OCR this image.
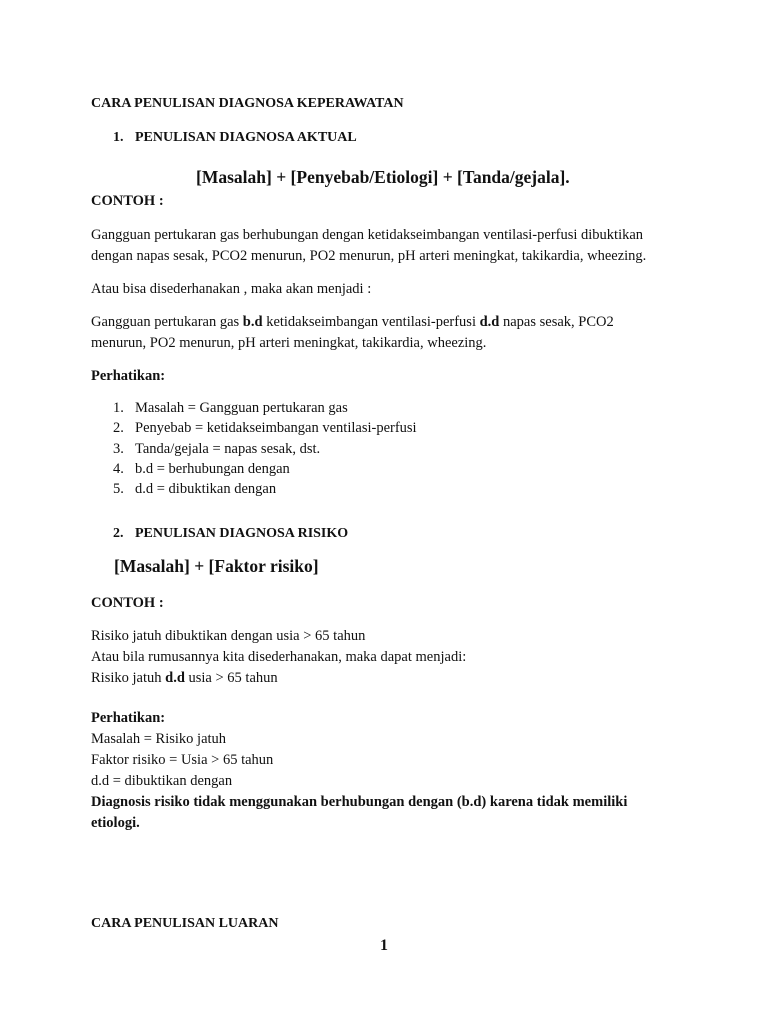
CARA PENULISAN DIAGNOSA KEPERAWATAN
1. PENULISAN DIAGNOSA AKTUAL
[Masalah] + [Penyebab/Etiologi] + [Tanda/gejala].
CONTOH :
Gangguan pertukaran gas berhubungan dengan ketidakseimbangan ventilasi-perfusi dibuktikan
dengan napas sesak, PCO2 menurun, PO2 menurun, pH arteri meningkat, takikardia, wheezing.
Atau bisa disederhanakan , maka akan menjadi :
Gangguan pertukaran gas b.d ketidakseimbangan ventilasi-perfusi d.d napas sesak, PCO2
menurun, PO2 menurun, pH arteri meningkat, takikardia, wheezing.
Perhatikan:
1. Masalah = Gangguan pertukaran gas
2. Penyebab = ketidakseimbangan ventilasi-perfusi
3. Tanda/gejala = napas sesak, dst.
4. b.d = berhubungan dengan
5. d.d = dibuktikan dengan
2. PENULISAN DIAGNOSA RISIKO
[Masalah] + [Faktor risiko]
CONTOH :
Risiko jatuh dibuktikan dengan usia > 65 tahun
Atau bila rumusannya kita disederhanakan, maka dapat menjadi:
Risiko jatuh d.d usia > 65 tahun
Perhatikan:
Masalah = Risiko jatuh
Faktor risiko = Usia > 65 tahun
d.d = dibuktikan dengan
Diagnosis risiko tidak menggunakan berhubungan dengan (b.d) karena tidak memiliki
etiologi.
CARA PENULISAN LUARAN
1
